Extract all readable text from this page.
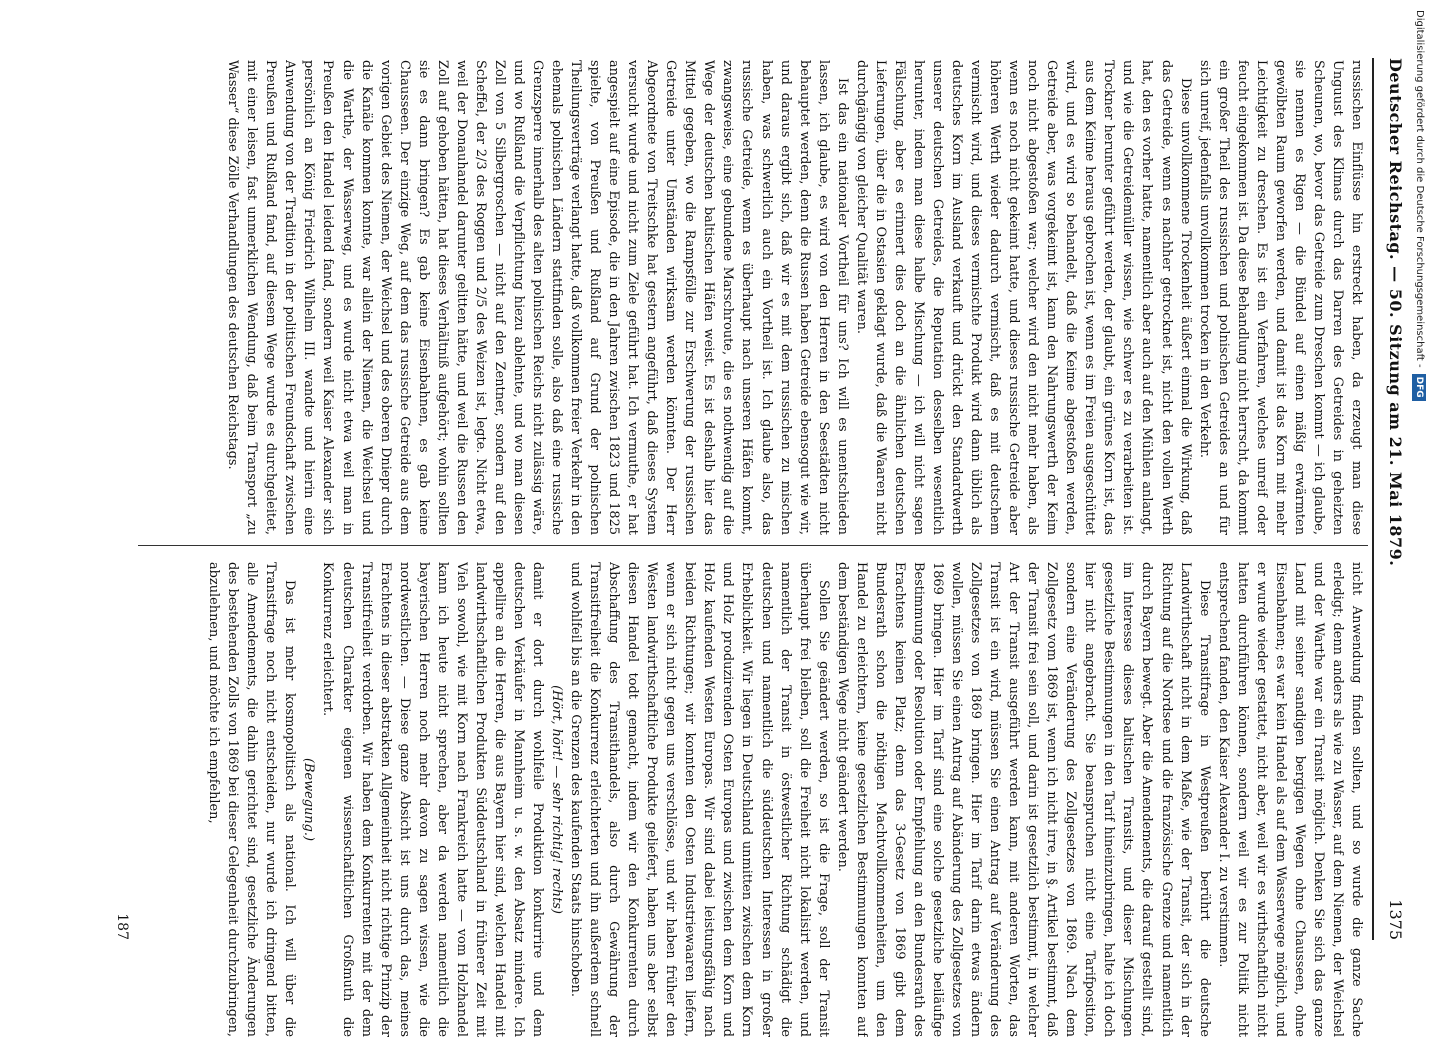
Deutscher Reichstag. — 50. Sitzung am 21. Mai 1879.
1375

russischen Einflüsse hin erstreckt haben, da erzeugt man diese Unguust des Klimas durch das Darren des Getreides in geheizten Scheunen, wo, bevor das Getreide zum Dreschen kommt — ich glaube, sie nennen es Rigen — die Bündel auf einen mäßig erwärmten gewölbten Raum geworfen werden, und damit ist das Korn mit mehr Leichtigkeit zu dreschen. Es ist ein Verfahren, welches unreif oder feucht eingekommen ist. Da diese Behandlung nicht herrscht, da kommt ein großer Theil des russischen und polnischen Getreides an und für sich unreif, jedenfalls unvollkommen trocken in den Verkehr.

Diese unvollkommene Trockenheit äußert einmal die Wirkung, daß das Getreide, wenn es nachher getrocknet ist, nicht den vollen Werth hat, den es vorher hatte, namentlich aber auch auf den Mühlen anlangt, und wie die Getreidemüller wissen, wie schwer es zu verarbeiten ist. Trockner herunter geführt werden, der glaubt, ein grünes Korn ist, das aus dem Keime heraus gebrochen ist, wenn es im Freien ausgeschüttet wird, und es wird so behandelt, daß die Keime abgestoßen werden, Getreide aber, was vorgekeimt ist, kann den Nahrungswerth der Keim noch nicht abgestoßen war; welcher wird den nicht mehr haben, als wenn es noch nicht gekeimt hatte, und dieses russische Getreide aber höheren Werth wieder dadurch vermischt, daß es mit deutschem vermischt wird, und dieses vermischte Produkt wird dann üblich als deutsches Korn im Ausland verkauft und drückt den Standardwerth unserer deutschen Getreides, die Reputation desselben wesentlich herunter, indem man diese halbe Mischung — ich will nicht sagen Fälschung, aber es erinnert dies doch an die ähnlichen deutschen Lieferungen, über die in Ostasien geklagt wurde, daß die Waaren nicht durchgängig von gleicher Qualität waren.

Ist das ein nationaler Vortheil für uns? Ich will es unentschieden lassen, ich glaube, es wird von den Herren in den Seestädten nicht behauptet werden, denn die Russen haben Getreide ebensogut wie wir, und daraus ergibt sich, daß wir es mit dem russischen zu mischen haben, was schwerlich auch ein Vortheil ist. Ich glaube also, das russische Getreide, wenn es überhaupt nach unseren Häfen kommt, zwangsweise, eine gebundene Marschroute, die es nothwendig auf die Wege der deutschen baltischen Häfen weist. Es ist deshalb hier das Mittel gegeben, wo die Rampsfölle zur Erschwerung der russischen Getreide unter Umständen wirksam werden könnten. Der Herr Abgeordnete von Treitschke hat gestern angeführt, daß dieses System versucht wurde und nicht zum Ziele geführt hat. Ich vermuthe, er hat angespielt auf eine Episode, die in den Jahren zwischen 1823 und 1825 spielte, von Preußen und Rußland auf Grund der polnischen Theilungsverträge verlangt hatte, daß vollkommen freier Verkehr in den ehemals polnischen Ländern stattfinden solle, also daß eine russische Grenzsperre innerhalb des alten polnischen Reichs nicht zulässig wäre, und wo Rußland die Verpflichtung hiezu ablehnte, und wo man diesen Zoll von 5 Silbergroschen — nicht auf den Zentner, sondern auf den Scheffel, der 2/3 des Roggen und 2/5 des Weizen ist, legte. Nicht etwa, weil der Donauhandel darunter gelitten hätte, und weil die Russen den Zoll auf gehoben hätten, hat dieses Verhältniß aufgehört; wohin sollten sie es dann bringen? Es gab keine Eisenbahnen, es gab keine Chausseen. Der einzige Weg, auf dem das russische Getreide aus dem vorigen Gebiet des Niemen, der Weichsel und des oberen Dniepr durch die Kanäle kommen konnte, war allein der Niemen, die Weichsel und die Warthe, der Wasserweg, und es wurde nicht etwa weil man in Preußen den Handel leidend fand, sondern weil Kaiser Alexander sich persönlich an König Friedrich Wilhelm III. wandte und hierin eine Anwendung von der Tradition in der politischen Freundschaft zwischen Preußen und Rußland fand, auf diesem Wege wurde es durchgeleitet, mit einer leisen, fast unmerklichen Wendung, daß beim Transport „zu Wasser“ diese Zölle Verhandlungen des deutschen Reichstags.

nicht Anwendung finden sollten, und so wurde die ganze Sache erledigt; denn anders als wie zu Wasser, auf dem Niemen, der Weichsel und der Warthe war ein Transit möglich. Denken Sie sich das ganze Land mit seiner sandigen bergigen Wegen ohne Chausseen, ohne Eisenbahnen; es war kein Handel als auf dem Wasserwege möglich, und er wurde wieder gestattet, nicht aber, weil wir es wirthschaftlich nicht hatten durchführen können, sondern weil wir es zur Politik nicht entsprechend fanden, den Kaiser Alexander I. zu verstimmen.

Diese Transitfrage in Westpreußen berührt die deutsche Landwirthschaft nicht in dem Maße, wie der Transit, der sich in der Richtung auf die Nordsee und die französische Grenze und namentlich durch Bayern bewegt. Aber die Amendements, die darauf gestellt sind, im Interesse dieses baltischen Transits, und dieser Mischungen gesetzliche Bestimmungen in den Tarif hineinzubringen, halte ich doch hier nicht angebracht. Sie beanspruchen nicht eine Tarifposition, sondern eine Veränderung des Zollgesetzes von 1869. Nach dem Zollgesetz vom 1869 ist, wenn ich nicht irre, in §. Artikel bestimmt, daß der Transit frei sein soll, und darin ist gesetzlich bestimmt, in welcher Art der Transit ausgeführt werden kann, mit anderen Worten, das Transit ist ein wird, müssen Sie einen Antrag auf Veränderung des Zollgesetzes von 1869 bringen. Hier im Tarif darin etwas ändern wollen, müssen Sie einen Antrag auf Abänderung des Zollgesetzes von 1869 bringen. Hier im Tarif sind eine solche gesetzliche beiläufige Bestimmung oder Resolution oder Empfehlung an den Bundesrath des Erachtens keinen Platz; denn das 3-Gesetz von 1869 gibt dem Bundesrath schon die nöthigen Machtvollkommenheiten, um den Handel zu erleichtern, keine gesetzlichen Bestimmungen konnten auf dem beständigen Wege nicht geändert werden.

Sollen Sie geändert werden, so ist die Frage, soll der Transit überhaupt frei bleiben, soll die Freiheit nicht lokalisirt werden, und namentlich der Transit in östwestlicher Richtung schädigt die deutschen und namentlich die süddeutschen Interessen in großer Erheblichkeit. Wir liegen in Deutschland unmitten zwischen dem Korn und Holz produzirenden Osten Europas und zwischen dem Korn und Holz kaufenden Westen Europas. Wir sind dabei leistungsfähig nach beiden Richtungen; wir konnten den Osten Industriewaaren liefern, wenn er sich nicht gegen uns verschlösse, und wir haben früher den Westen landwirthschaftliche Produkte geliefert, haben uns aber selbst diesen Handel todt gemacht, indem wir den Konkurrenten durch Abschaffung des Transithandels, also durch Gewährung der Transitfreiheit die Konkurrenz erleichterten und ihn außerdem schnell und wohlfeil bis an die Grenzen des kaufenden Staats hinschoben.

(Hört, hört! — sehr richtig! rechts)

damit er dort durch wohlfeile Produktion konkurrire und dem deutschen Verkäufer in Mannheim u. s. w. den Absatz mindere. Ich appellire an die Herren, die aus Bayern hier sind, welchen Handel mit landwirthschaftlichen Produkten Süddeutschland in früherer Zeit mit Vieh sowohl, wie mit Korn nach Frankreich hatte — vom Holzhandel kann ich heute nicht sprechen, aber da werden namentlich die bayerischen Herren noch mehr davon zu sagen wissen, wie die nordwestlichen. — Diese ganze Absicht ist uns durch das, meines Erachtens in dieser abstrakten Allgemeinheit nicht richtige Prinzip der Transitfreiheit verdorben. Wir haben dem Konkurrenten mit der dem deutschen Charakter eigenen wissenschaftlichen Großmuth die Konkurrenz erleichtert.

(Bewegung.)

Das ist mehr kosmopolitisch als national. Ich will über die Transitfrage noch nicht entscheiden, nur wurde ich dringend bitten, alle Amendements, die dahin gerichtet sind, gesetzliche Änderungen des bestehenden Zolls von 1869 bei dieser Gelegenheit durchzubringen, abzulehnen, und möchte ich empfehlen,

187
Digitalisierung gefördert durch die Deutsche Forschungsgemeinschaft -
DFG
